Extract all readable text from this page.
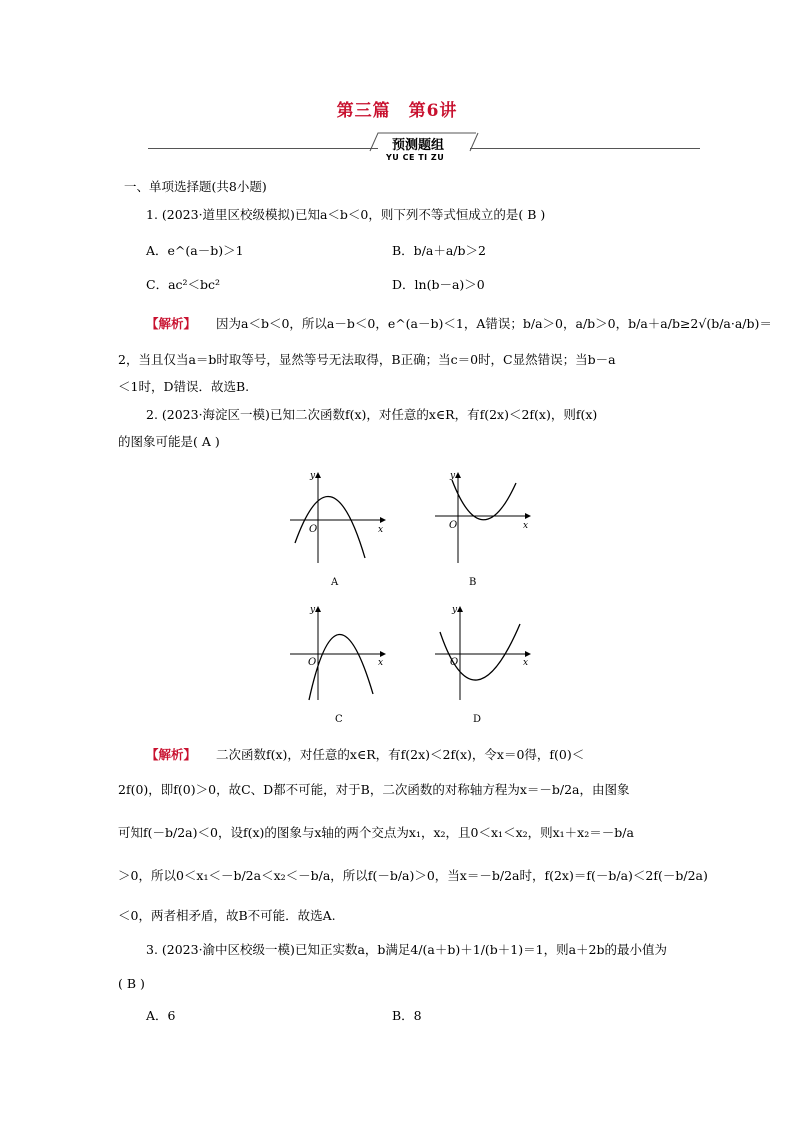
第三篇　第6讲
预测题组
YU CE TI ZU
一、单项选择题(共8小题)
1. (2023·道里区校级模拟)已知a＜b＜0，则下列不等式恒成立的是( B )
A．e^(a－b)＞1	B．b/a＋a/b＞2
C．ac²＜bc²	D．ln(b－a)＞0
【解析】 因为a＜b＜0，所以a－b＜0，e^(a－b)＜1，A错误；b/a＞0，a/b＞0，b/a＋a/b≥2√(b/a·a/b)＝
2，当且仅当a＝b时取等号，显然等号无法取得，B正确；当c＝0时，C显然错误；当b－a
＜1时，D错误．故选B.
2. (2023·海淀区一模)已知二次函数f(x)，对任意的x∈R，有f(2x)＜2f(x)，则f(x)
的图象可能是( A )
O	x
y
A
O	x
y
B
O	x
y
C
O	x
y
D
【解析】 二次函数f(x)，对任意的x∈R，有f(2x)＜2f(x)，令x＝0得，f(0)＜
2f(0)，即f(0)＞0，故C、D都不可能，对于B，二次函数的对称轴方程为x＝－b/2a，由图象
可知f(－b/2a)＜0，设f(x)的图象与x轴的两个交点为x₁，x₂，且0＜x₁＜x₂，则x₁＋x₂＝－b/a
＞0，所以0＜x₁＜－b/2a＜x₂＜－b/a，所以f(－b/a)＞0，当x＝－b/2a时，f(2x)＝f(－b/a)＜2f(－b/2a)
＜0，两者相矛盾，故B不可能．故选A.
3. (2023·渝中区校级一模)已知正实数a，b满足4/(a＋b)＋1/(b＋1)＝1，则a＋2b的最小值为
( B )
A．6	B．8
